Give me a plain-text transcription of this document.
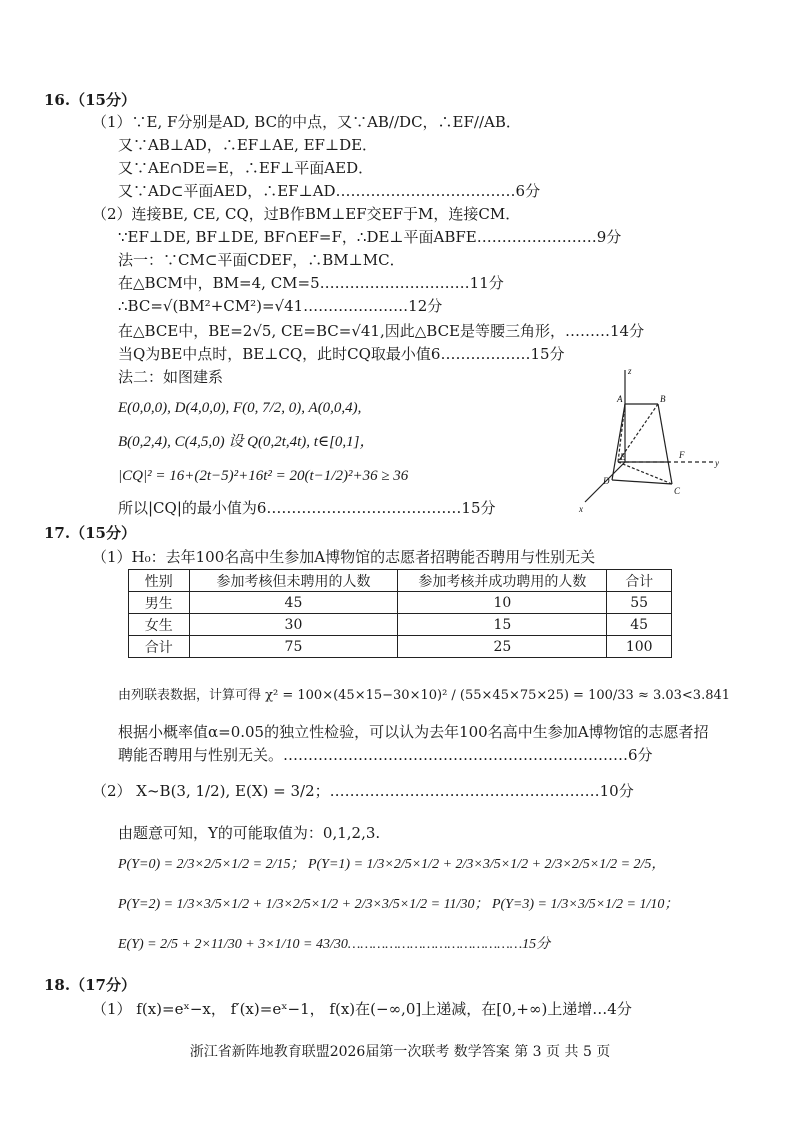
16.（15分）
（1）∵E, F分别是AD, BC的中点，又∵AB//DC，∴EF//AB．
又∵AB⊥AD，∴EF⊥AE, EF⊥DE．
又∵AE∩DE=E，∴EF⊥平面AED．
又∵AD⊂平面AED，∴EF⊥AD………………………………6分
（2）连接BE, CE, CQ，过B作BM⊥EF交EF于M，连接CM．
∵EF⊥DE, BF⊥DE, BF∩EF=F，∴DE⊥平面ABFE……………………9分
法一：∵CM⊂平面CDEF，∴BM⊥MC．
在△BCM中，BM=4, CM=5…………………………11分
∴BC=√(BM²+CM²)=√41…………………12分
在△BCE中，BE=2√5, CE=BC=√41,因此△BCE是等腰三角形，………14分
当Q为BE中点时，BE⊥CQ，此时CQ取最小值6………………15分
法二：如图建系
E(0,0,0), D(4,0,0), F(0, 7/2, 0), A(0,0,4),
B(0,2,4), C(4,5,0) 设 Q(0,2t,4t), t∈[0,1]，
|CQ|² = 16+(2t−5)²+16t² = 20(t−1/2)²+36 ≥ 36
所以|CQ|的最小值为6…………………………………15分
z
y
x
A	B
C
D
E	F
17.（15分）
（1）H₀：去年100名高中生参加A博物馆的志愿者招聘能否聘用与性别无关
性别	参加考核但未聘用的人数	参加考核并成功聘用的人数	合计
男生	45	10	55
女生	30	15	45
合计	75	25	100
由列联表数据，计算可得 χ² = 100×(45×15−30×10)² / (55×45×75×25) = 100/33 ≈ 3.03<3.841
根据小概率值α=0.05的独立性检验，可以认为去年100名高中生参加A博物馆的志愿者招
聘能否聘用与性别无关。……………………………………………………………6分
（2） X~B(3, 1/2), E(X) = 3/2；………………………………………………10分
由题意可知，Y的可能取值为：0,1,2,3.
P(Y=0) = 2/3×2/5×1/2 = 2/15； P(Y=1) = 1/3×2/5×1/2 + 2/3×3/5×1/2 + 2/3×2/5×1/2 = 2/5，
P(Y=2) = 1/3×3/5×1/2 + 1/3×2/5×1/2 + 2/3×3/5×1/2 = 11/30； P(Y=3) = 1/3×3/5×1/2 = 1/10；
E(Y) = 2/5 + 2×11/30 + 3×1/10 = 43/30……………………………………15分
18.（17分）
（1） f(x)=eˣ−x， f′(x)=eˣ−1， f(x)在(−∞,0]上递减，在[0,+∞)上递增…4分
浙江省新阵地教育联盟2026届第一次联考 数学答案 第 3 页 共 5 页
